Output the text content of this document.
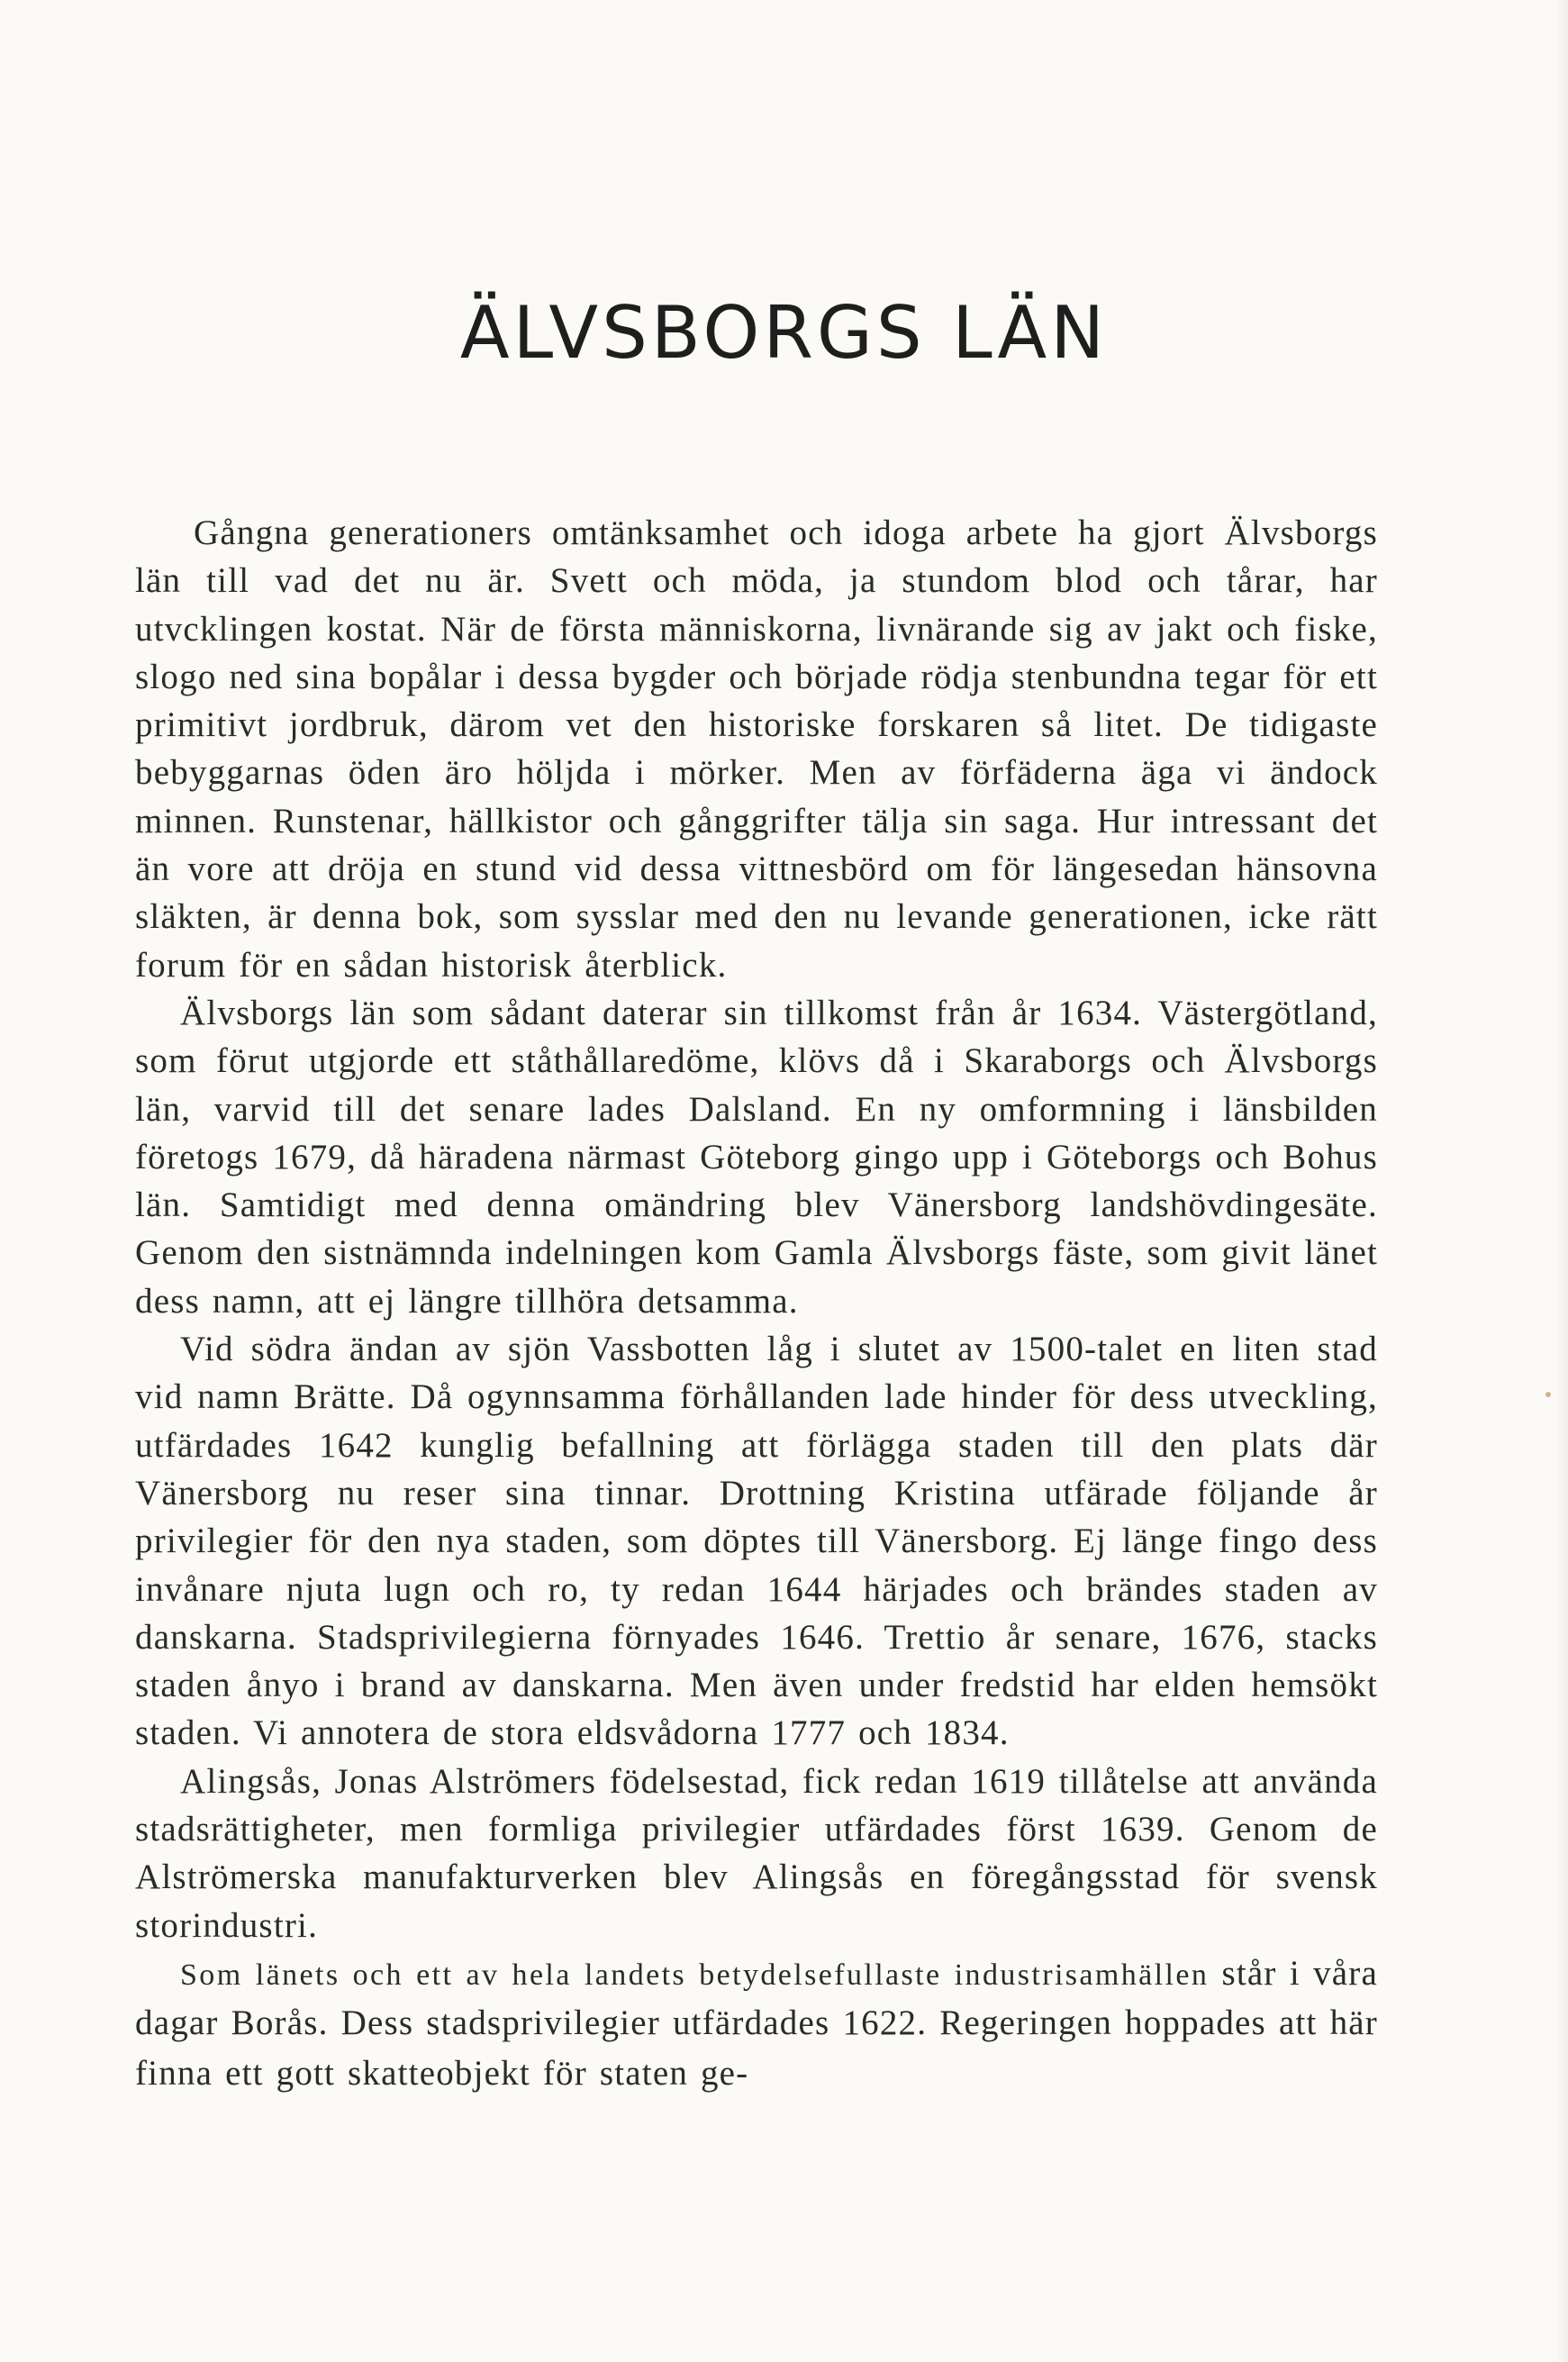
ÄLVSBORGS LÄN

Gångna generationers omtänksamhet och idoga arbete ha gjort Älvsborgs län till vad det nu är. Svett och möda, ja stundom blod och tårar, har utvcklingen kostat. När de första människorna, livnärande sig av jakt och fiske, slogo ned sina bopålar i dessa bygder och började rödja stenbundna tegar för ett primitivt jordbruk, därom vet den historiske forskaren så litet. De tidigaste bebyggarnas öden äro höljda i mörker. Men av förfäderna äga vi ändock minnen. Runstenar, hällkistor och gånggrifter tälja sin saga. Hur intressant det än vore att dröja en stund vid dessa vittnesbörd om för längesedan hänsovna släkten, är denna bok, som sysslar med den nu levande generationen, icke rätt forum för en sådan historisk återblick.

Älvsborgs län som sådant daterar sin tillkomst från år 1634. Västergötland, som förut utgjorde ett ståthållaredöme, klövs då i Skaraborgs och Älvsborgs län, varvid till det senare lades Dalsland. En ny omformning i länsbilden företogs 1679, då häradena närmast Göteborg gingo upp i Göteborgs och Bohus län. Samtidigt med denna omändring blev Vänersborg landshövdingesäte. Genom den sistnämnda indelningen kom Gamla Älvsborgs fäste, som givit länet dess namn, att ej längre tillhöra detsamma.

Vid södra ändan av sjön Vassbotten låg i slutet av 1500-talet en liten stad vid namn Brätte. Då ogynnsamma förhållanden lade hinder för dess utveckling, utfärdades 1642 kunglig befallning att förlägga staden till den plats där Vänersborg nu reser sina tinnar. Drottning Kristina utfärade följande år privilegier för den nya staden, som döptes till Vänersborg. Ej länge fingo dess invånare njuta lugn och ro, ty redan 1644 härjades och brändes staden av danskarna. Stadsprivilegierna förnyades 1646. Trettio år senare, 1676, stacks staden ånyo i brand av danskarna. Men även under fredstid har elden hemsökt staden. Vi annotera de stora eldsvådorna 1777 och 1834.

Alingsås, Jonas Alströmers födelsestad, fick redan 1619 tillåtelse att använda stadsrättigheter, men formliga privilegier utfärdades först 1639. Genom de Alströmerska manufakturverken blev Alingsås en föregångsstad för svensk storindustri.

Som länets och ett av hela landets betydelsefullaste industrisamhällen står i våra dagar Borås. Dess stadsprivilegier utfärdades 1622. Regeringen hoppades att här finna ett gott skatteobjekt för staten ge-
